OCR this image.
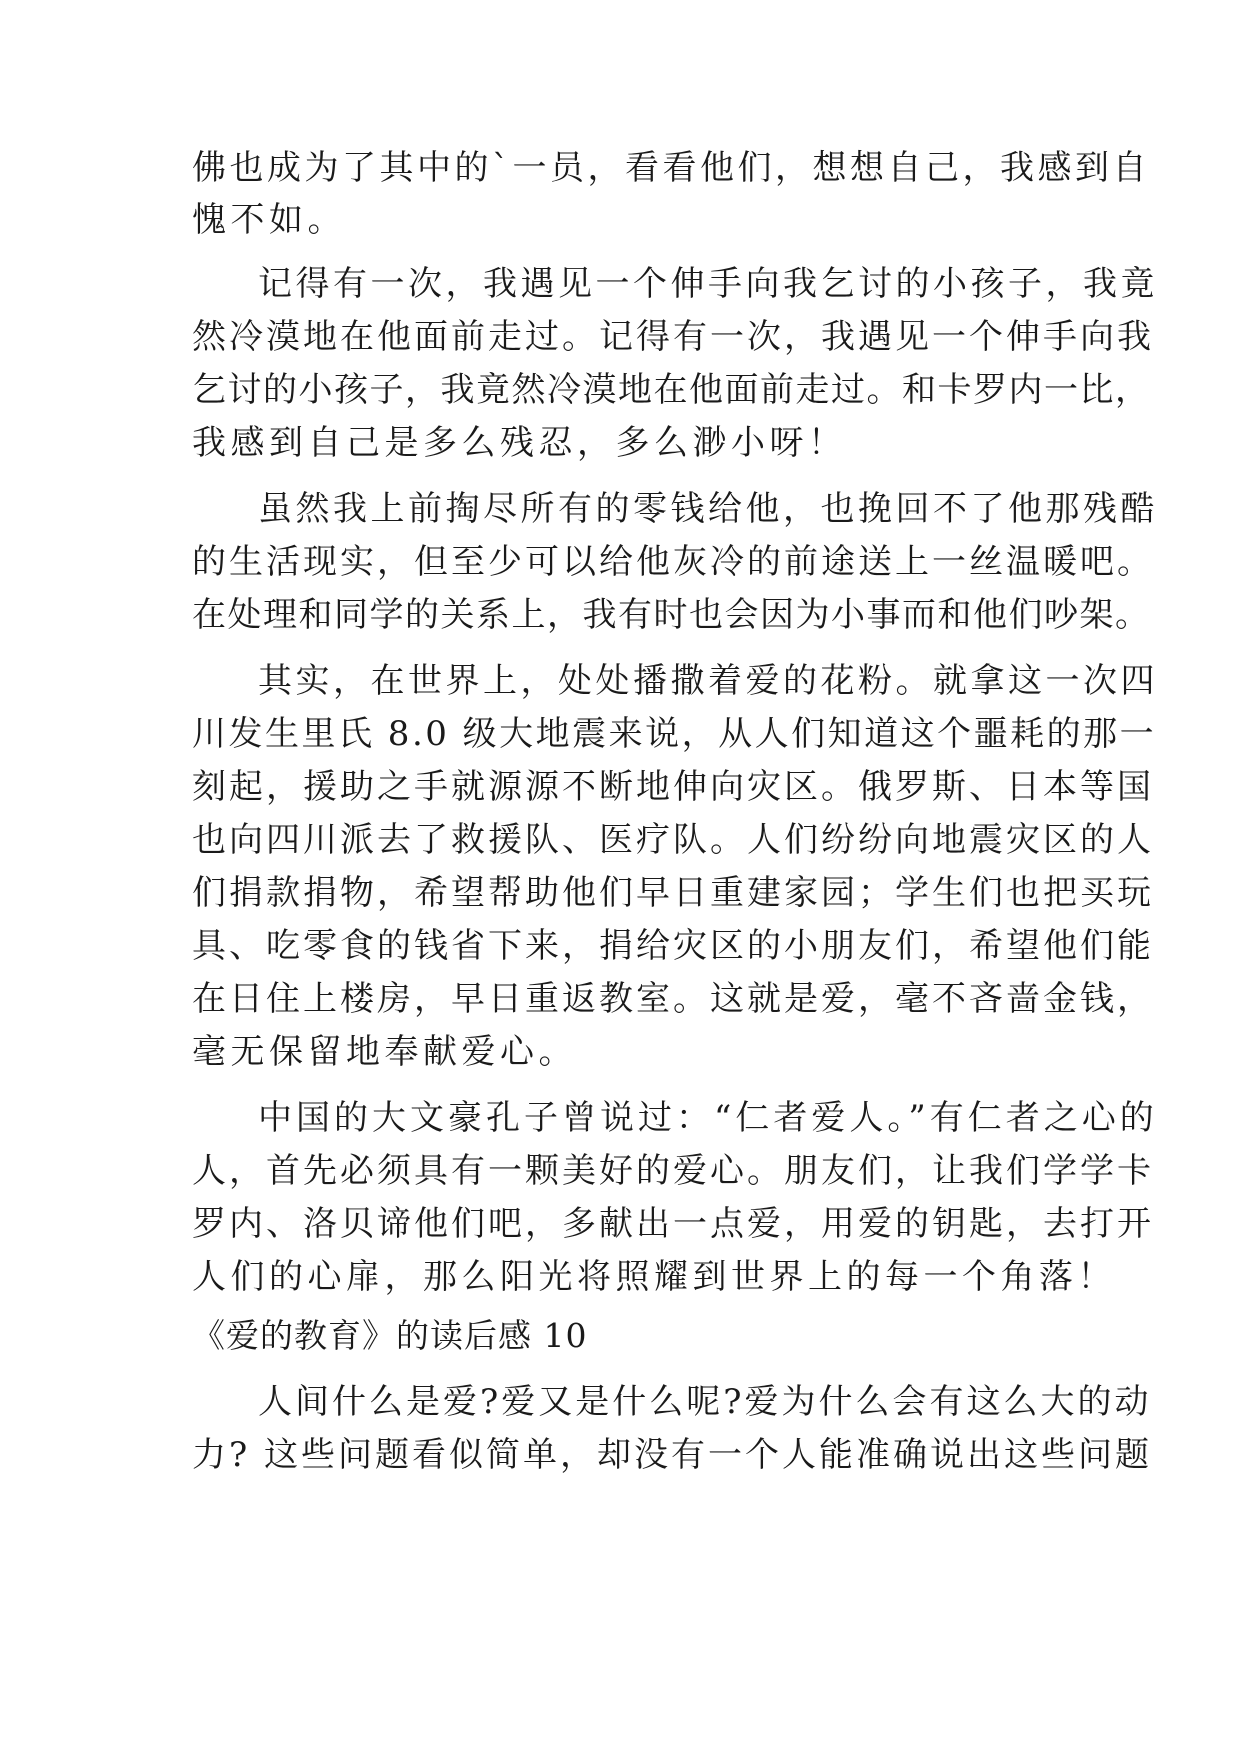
佛也成为了其中的`一员，看看他们，想想自己，我感到自
愧不如。
记得有一次，我遇见一个伸手向我乞讨的小孩子，我竟
然冷漠地在他面前走过。记得有一次，我遇见一个伸手向我
乞讨的小孩子，我竟然冷漠地在他面前走过。和卡罗内一比，
我感到自己是多么残忍，多么渺小呀！
虽然我上前掏尽所有的零钱给他，也挽回不了他那残酷
的生活现实，但至少可以给他灰冷的前途送上一丝温暖吧。
在处理和同学的关系上，我有时也会因为小事而和他们吵架。
其实，在世界上，处处播撒着爱的花粉。就拿这一次四
川发生里氏 8.0 级大地震来说，从人们知道这个噩耗的那一
刻起，援助之手就源源不断地伸向灾区。俄罗斯、日本等国
也向四川派去了救援队、医疗队。人们纷纷向地震灾区的人
们捐款捐物，希望帮助他们早日重建家园；学生们也把买玩
具、吃零食的钱省下来，捐给灾区的小朋友们，希望他们能
在日住上楼房，早日重返教室。这就是爱，毫不吝啬金钱，
毫无保留地奉献爱心。
中国的大文豪孔子曾说过：“仁者爱人。”有仁者之心的
人，首先必须具有一颗美好的爱心。朋友们，让我们学学卡
罗内、洛贝谛他们吧，多献出一点爱，用爱的钥匙，去打开
人们的心扉，那么阳光将照耀到世界上的每一个角落！
《爱的教育》的读后感 10
人间什么是爱?爱又是什么呢?爱为什么会有这么大的动
力? 这些问题看似简单，却没有一个人能准确说出这些问题
